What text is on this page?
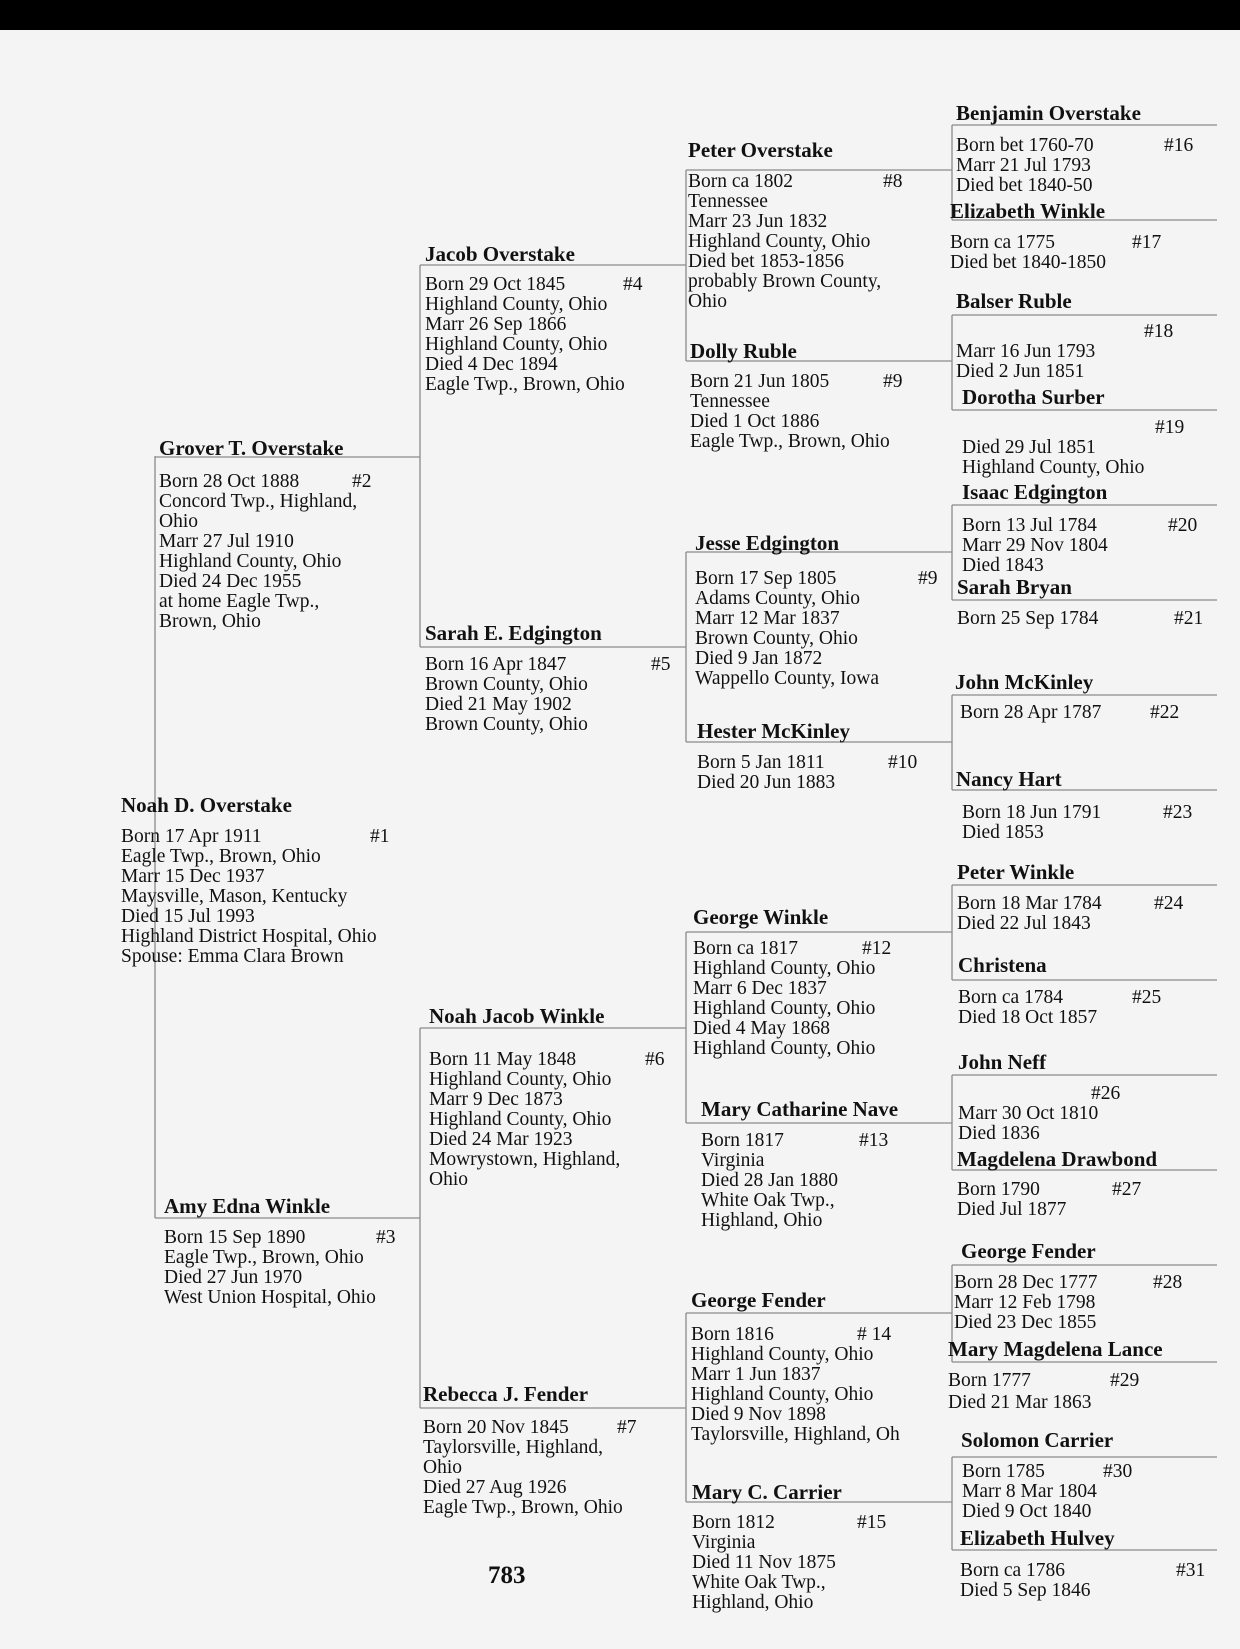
Noah D. Overstake
#1
Born 17 Apr 1911
Eagle Twp., Brown, Ohio
Marr 15 Dec 1937
Maysville, Mason, Kentucky
Died 15 Jul 1993
Highland District Hospital, Ohio
Spouse: Emma Clara Brown
Grover T. Overstake
#2
Born 28 Oct 1888
Concord Twp., Highland,
Ohio
Marr 27 Jul 1910
Highland County, Ohio
Died 24 Dec 1955
at home Eagle Twp.,
Brown, Ohio
Amy Edna Winkle
#3
Born 15 Sep 1890
Eagle Twp., Brown, Ohio
Died 27 Jun 1970
West Union Hospital, Ohio
Jacob Overstake
#4
Born 29 Oct 1845
Highland County, Ohio
Marr 26 Sep 1866
Highland County, Ohio
Died 4 Dec 1894
Eagle Twp., Brown, Ohio
Sarah E. Edgington
#5
Born 16 Apr 1847
Brown County, Ohio
Died 21 May 1902
Brown County, Ohio
Noah Jacob Winkle
#6
Born 11 May 1848
Highland County, Ohio
Marr 9 Dec 1873
Highland County, Ohio
Died 24 Mar 1923
Mowrystown, Highland,
Ohio
Rebecca J. Fender
#7
Born 20 Nov 1845
Taylorsville, Highland,
Ohio
Died 27 Aug 1926
Eagle Twp., Brown, Ohio
Peter Overstake
#8
Born ca 1802
Tennessee
Marr 23 Jun 1832
Highland County, Ohio
Died bet 1853-1856
probably Brown County,
Ohio
Dolly Ruble
#9
Born 21 Jun 1805
Tennessee
Died 1 Oct 1886
Eagle Twp., Brown, Ohio
Jesse Edgington
#9
Born 17 Sep 1805
Adams County, Ohio
Marr 12 Mar 1837
Brown County, Ohio
Died 9 Jan 1872
Wappello County, Iowa
Hester McKinley
#10
Born 5 Jan 1811
Died 20 Jun 1883
George Winkle
#12
Born ca 1817
Highland County, Ohio
Marr 6 Dec 1837
Highland County, Ohio
Died 4 May 1868
Highland County, Ohio
Mary Catharine Nave
#13
Born 1817
Virginia
Died 28 Jan 1880
White Oak Twp.,
Highland, Ohio
George Fender
# 14
Born 1816
Highland County, Ohio
Marr 1 Jun 1837
Highland County, Ohio
Died 9 Nov 1898
Taylorsville, Highland, Oh
Mary C. Carrier
#15
Born 1812
Virginia
Died 11 Nov 1875
White Oak Twp.,
Highland, Ohio
Benjamin Overstake
#16
Born bet 1760-70
Marr 21 Jul 1793
Died bet 1840-50
Elizabeth Winkle
#17
Born ca 1775
Died bet 1840-1850
Balser Ruble
#18
Marr 16 Jun 1793
Died 2 Jun 1851
Dorotha Surber
#19
Died 29 Jul 1851
Highland County, Ohio
Isaac Edgington
#20
Born 13 Jul 1784
Marr 29 Nov 1804
Died 1843
Sarah Bryan
#21
Born 25 Sep 1784
John McKinley
#22
Born 28 Apr 1787
Nancy Hart
#23
Born 18 Jun 1791
Died 1853
Peter Winkle
#24
Born 18 Mar 1784
Died 22 Jul 1843
Christena
#25
Born ca 1784
Died 18 Oct 1857
John Neff
#26
Marr 30 Oct 1810
Died 1836
Magdelena Drawbond
#27
Born 1790
Died Jul 1877
George Fender
#28
Born 28 Dec 1777
Marr 12 Feb 1798
Died 23 Dec 1855
Mary Magdelena Lance
#29
Born 1777
Died 21 Mar 1863
Solomon Carrier
#30
Born 1785
Marr 8 Mar 1804
Died 9 Oct 1840
Elizabeth Hulvey
#31
Born ca 1786
Died 5 Sep 1846
783
